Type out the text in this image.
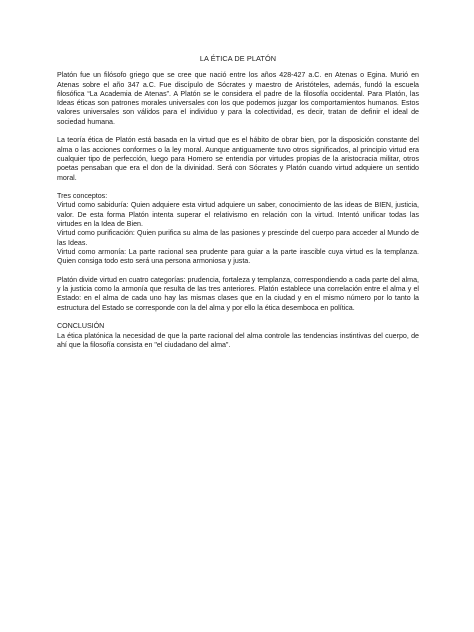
LA ÉTICA DE PLATÓN

Platón fue un filósofo griego que se cree que nació entre los años 428-427 a.C. en Atenas o Egina. Murió en Atenas sobre el año 347 a.C. Fue discípulo de Sócrates y maestro de Aristóteles, además, fundó la escuela filosófica “La Academia de Atenas”. A Platón se le considera el padre de la filosofía occidental. Para Platón, las Ideas éticas son patrones morales universales con los que podemos juzgar los comportamientos humanos. Estos valores universales son válidos para el individuo y para la colectividad, es decir, tratan de definir el ideal de sociedad humana.

La teoría ética de Platón está basada en la virtud que es el hábito de obrar bien, por la disposición constante del alma o las acciones conformes o la ley moral. Aunque antiguamente tuvo otros significados, al principio virtud era cualquier tipo de perfección, luego para Homero se entendía por virtudes propias de la aristocracia militar, otros poetas pensaban que era el don de la divinidad. Será con Sócrates y Platón cuando virtud adquiere un sentido moral.

Tres conceptos:

Virtud como sabiduría: Quien adquiere esta virtud adquiere un saber, conocimiento de las ideas de BIEN, justicia, valor. De esta forma Platón intenta superar el relativismo en relación con la virtud. Intentó unificar todas las virtudes en la Idea de Bien.

Virtud como purificación: Quien purifica su alma de las pasiones y prescinde del cuerpo para acceder al Mundo de las Ideas.

Virtud como armonía: La parte racional sea prudente para guiar a la parte irascible cuya virtud es la templanza. Quien consiga todo esto será una persona armoniosa y justa.

Platón divide virtud en cuatro categorías: prudencia, fortaleza y templanza, correspondiendo a cada parte del alma, y la justicia como la armonía que resulta de las tres anteriores. Platón establece una correlación entre el alma y el Estado: en el alma de cada uno hay las mismas clases que en la ciudad y en el mismo número por lo tanto la estructura del Estado se corresponde con la del alma y por ello la ética desemboca en política.

CONCLUSIÓN

La ética platónica la necesidad de que la parte racional del alma controle las tendencias instintivas del cuerpo, de ahí que la filosofía consista en "el ciudadano del alma".
